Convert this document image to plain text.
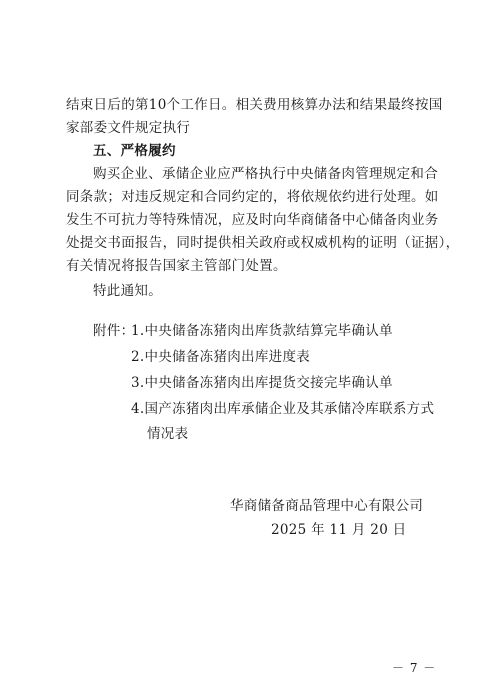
结束日后的第10个工作日。相关费用核算办法和结果最终按国
家部委文件规定执行
五、严格履约
购买企业、承储企业应严格执行中央储备肉管理规定和合
同条款；对违反规定和合同约定的，将依规依约进行处理。如
发生不可抗力等特殊情况，应及时向华商储备中心储备肉业务
处提交书面报告，同时提供相关政府或权威机构的证明（证据），
有关情况将报告国家主管部门处置。
特此通知。
附件：
1.中央储备冻猪肉出库货款结算完毕确认单
2.中央储备冻猪肉出库进度表
3.中央储备冻猪肉出库提货交接完毕确认单
4.国产冻猪肉出库承储企业及其承储冷库联系方式
情况表
华商储备商品管理中心有限公司
2025 年 11 月 20 日
－ 7 －
